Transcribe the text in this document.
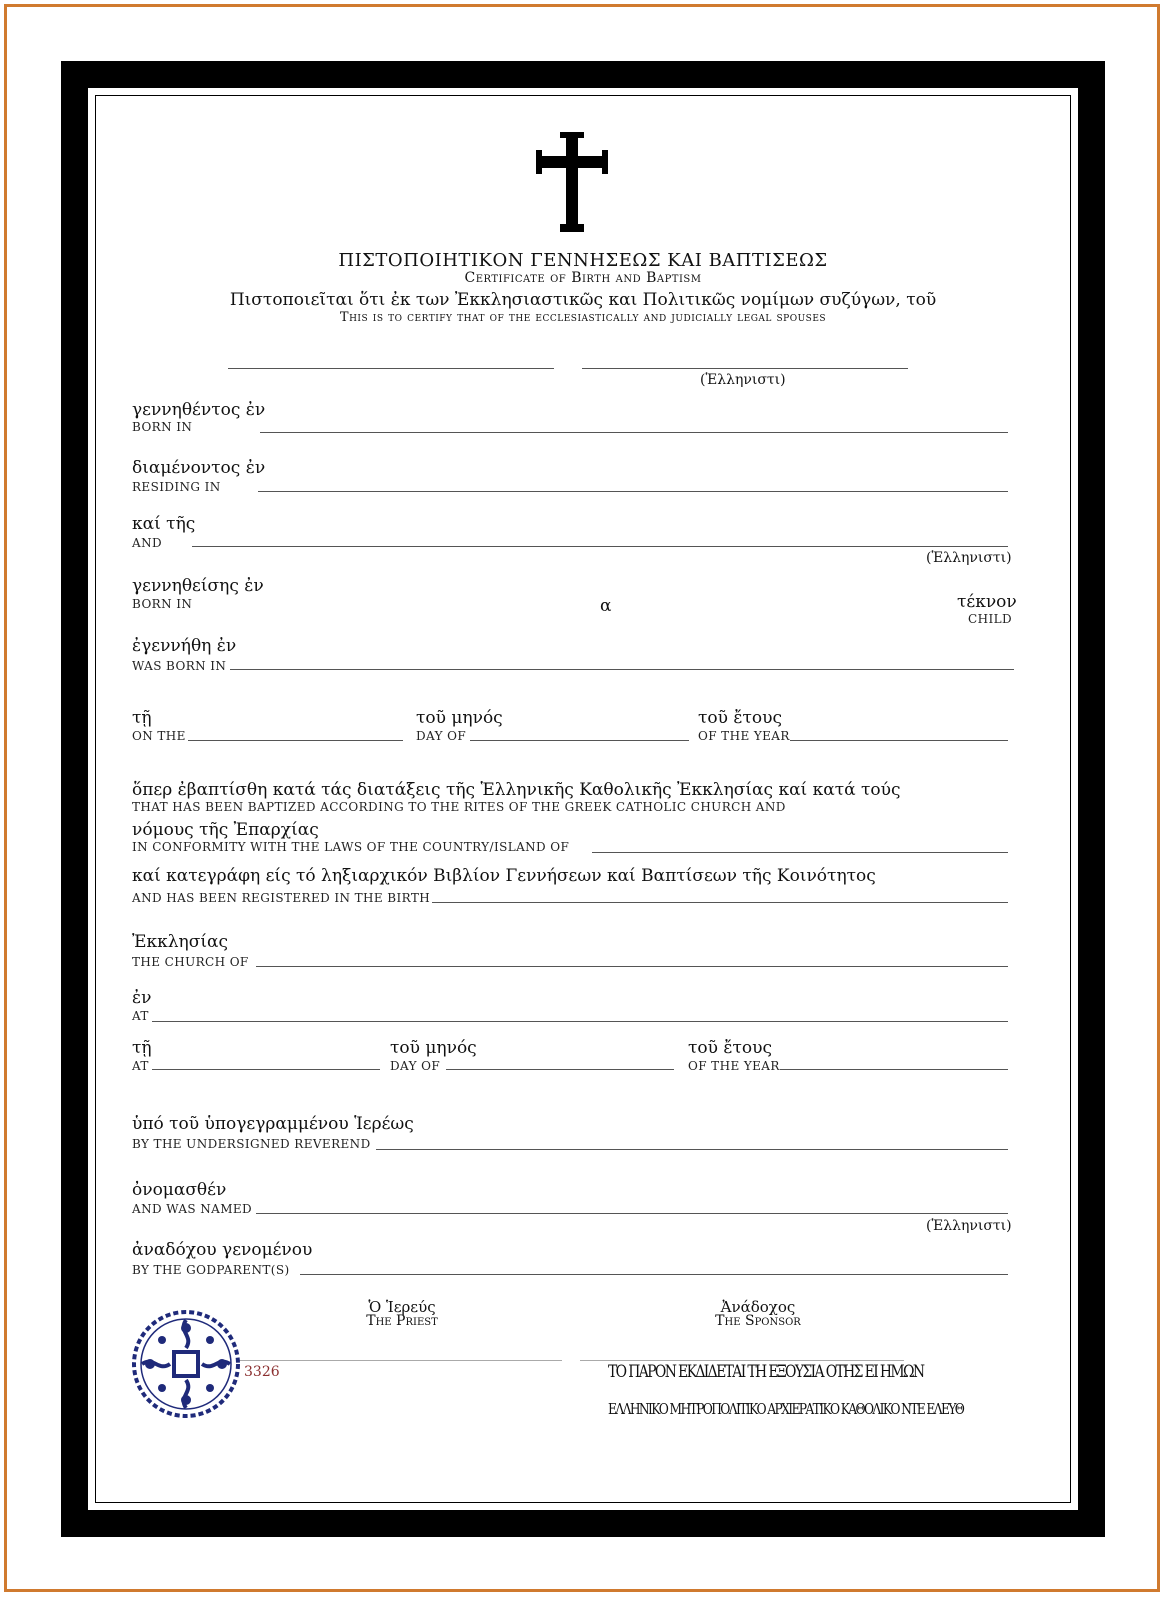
ΠΙΣΤΟΠΟΙΗΤΙΚΟΝ ΓΕΝΝΗΣΕΩΣ ΚΑΙ ΒΑΠΤΙΣΕΩΣ
Certificate of Birth and Baptism
Πιστοποιεῖται ὅτι ἐκ των Ἐκκλησιαστικῶς και Πολιτικῶς νομίμων συζύγων, τοῦ
This is to certify that of the ecclesiastically and judicially legal spouses
(Ἑλληνιστι)
γεννηθέντος ἐν
BORN IN
διαμένοντος ἐν
RESIDING IN
καί τῆς
AND
(Ἑλληνιστι)
γεννηθείσης ἐν
BORN IN	α	τέκνον
CHILD
ἐγεννήθη ἐν
WAS BORN IN
τῇ
ON THE
τοῦ μηνός
DAY OF
τοῦ ἔτους
OF THE YEAR
ὅπερ ἐβαπτίσθη κατά τάς διατάξεις τῆς Ἑλληνικῆς Καθολικῆς Ἐκκλησίας καί κατά τούς
THAT HAS BEEN BAPTIZED ACCORDING TO THE RITES OF THE GREEK CATHOLIC CHURCH AND
νόμους τῆς Ἐπαρχίας
IN CONFORMITY WITH THE LAWS OF THE COUNTRY/ISLAND OF
καί κατεγράφη είς τό ληξιαρχικόν Βιβλίον Γεννήσεων καί Βαπτίσεων τῆς Κοινότητος
AND HAS BEEN REGISTERED IN THE BIRTH
Ἐκκλησίας
THE CHURCH OF
ἐν
AT
τῇ
AT
τοῦ μηνός
DAY OF
τοῦ ἔτους
OF THE YEAR
ὑπό τοῦ ὑπογεγραμμένου Ἱερέως
BY THE UNDERSIGNED REVEREND
ὀνομασθέν
AND WAS NAMED
(Ἑλληνιστι)
ἀναδόχου γενομένου
BY THE GODPARENT(S)
Ὁ Ἱερεύς
The Priest
Ἀνάδοχος
The Sponsor
3326	ΤΟ ΠΑΡΟΝ ΕΚΔΙΔΕΤΑΙ ΤΗ ΕΞΟΥΣΙΑ ΟΤΗΣ ΕΙ ΗΜΩΝ
ΕΛΛΗΝΙΚΟ ΜΗΤΡΟΠΟΛΙΤΙΚΟ ΑΡΧΙΕΡΑΤΙΚΟ ΚΑΘΟΛΙΚΟ ΝΤΕ ΕΛΕΥΘ
